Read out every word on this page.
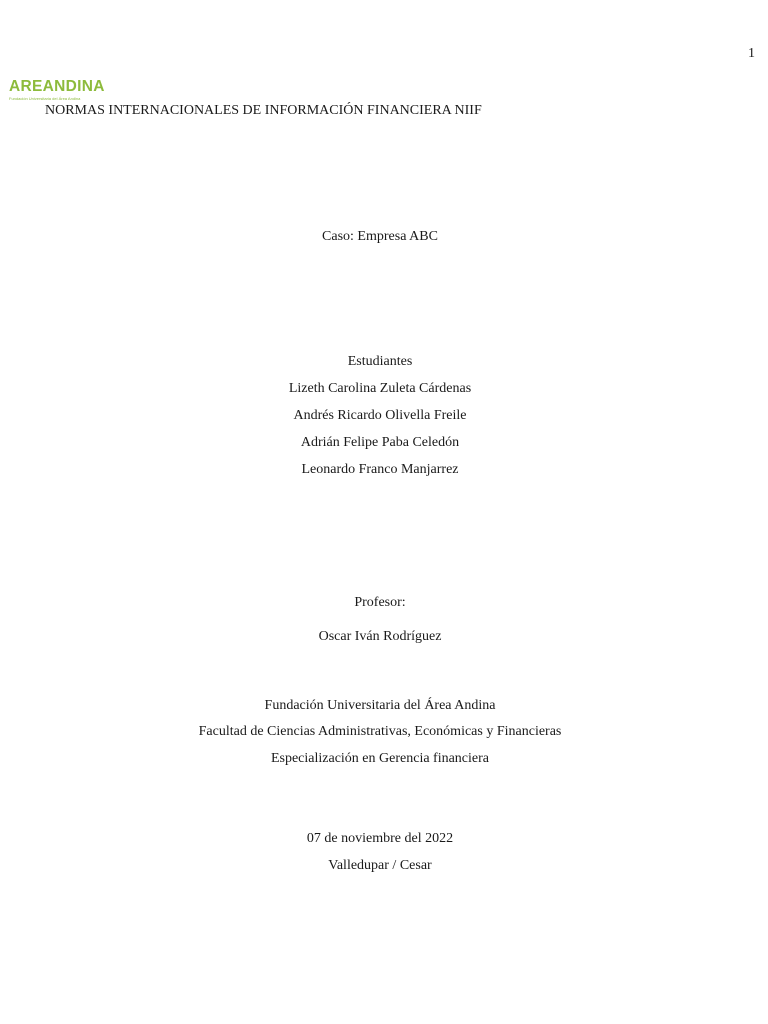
1
AREANDINA
Fundación Universitaria del Área Andina
NORMAS INTERNACIONALES DE INFORMACIÓN FINANCIERA NIIF
Caso: Empresa ABC
Estudiantes
Lizeth Carolina Zuleta Cárdenas
Andrés Ricardo Olivella Freile
Adrián Felipe Paba Celedón
Leonardo Franco Manjarrez
Profesor:
Oscar Iván Rodríguez
Fundación Universitaria del Área Andina
Facultad de Ciencias Administrativas, Económicas y Financieras
Especialización en Gerencia financiera
07 de noviembre del 2022
Valledupar / Cesar
